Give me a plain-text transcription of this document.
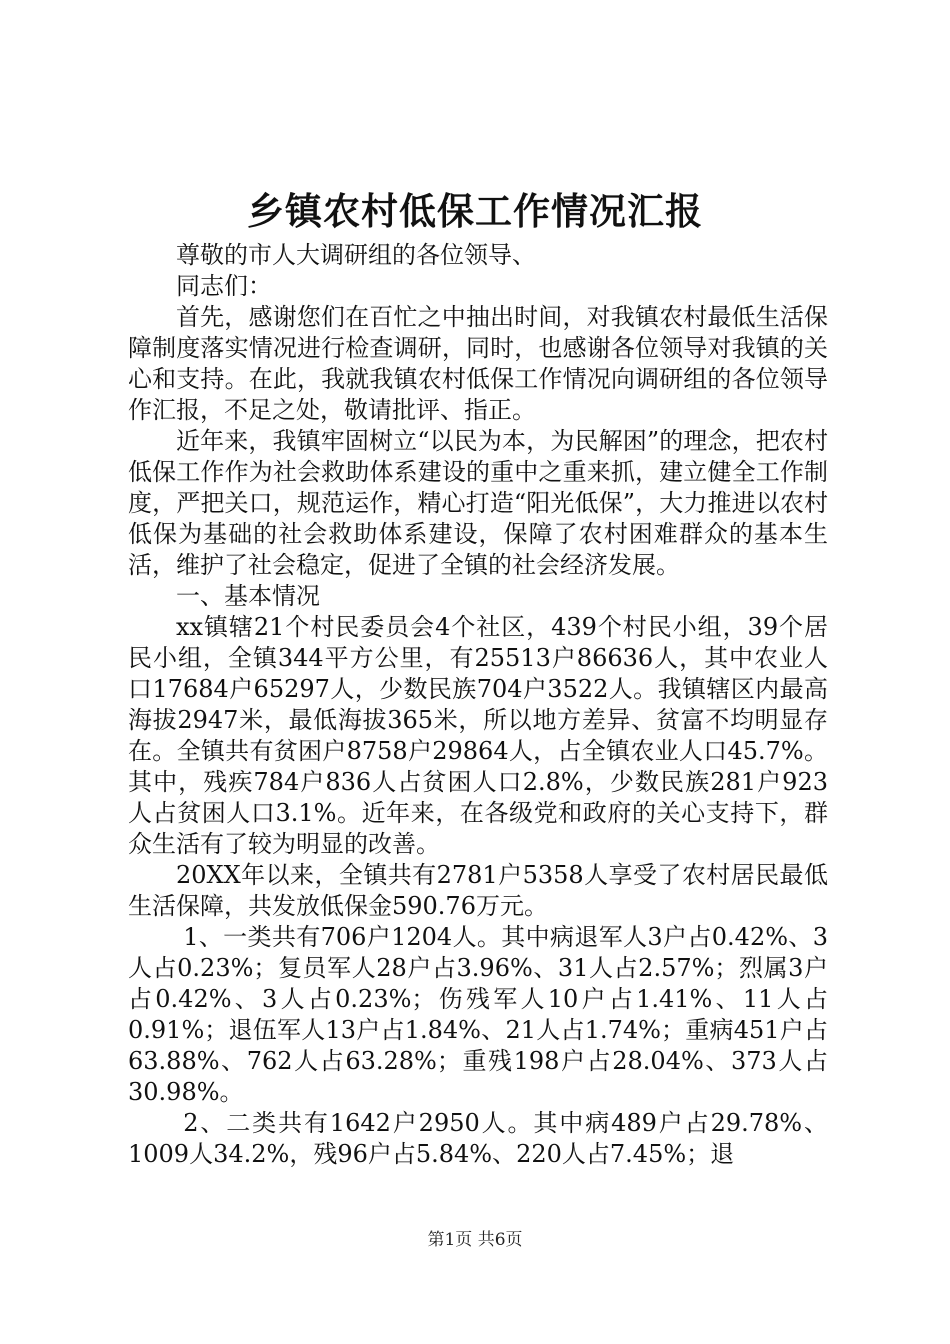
乡镇农村低保工作情况汇报

尊敬的市人大调研组的各位领导、

同志们：

首先，感谢您们在百忙之中抽出时间，对我镇农村最低生活保障制度落实情况进行检查调研，同时，也感谢各位领导对我镇的关心和支持。在此，我就我镇农村低保工作情况向调研组的各位领导作汇报，不足之处，敬请批评、指正。

近年来，我镇牢固树立“以民为本，为民解困”的理念，把农村低保工作作为社会救助体系建设的重中之重来抓，建立健全工作制度，严把关口，规范运作，精心打造“阳光低保”，大力推进以农村低保为基础的社会救助体系建设，保障了农村困难群众的基本生活，维护了社会稳定，促进了全镇的社会经济发展。

一、基本情况

xx镇辖21个村民委员会4个社区，439个村民小组，39个居民小组，全镇344平方公里，有25513户86636人，其中农业人口17684户65297人，少数民族704户3522人。我镇辖区内最高海拔2947米，最低海拔365米，所以地方差异、贫富不均明显存在。全镇共有贫困户8758户29864人，占全镇农业人口45.7%。其中，残疾784户836人占贫困人口2.8%，少数民族281户923人占贫困人口3.1%。近年来，在各级党和政府的关心支持下，群众生活有了较为明显的改善。

20XX年以来，全镇共有2781户5358人享受了农村居民最低生活保障，共发放低保金590.76万元。

1、一类共有706户1204人。其中病退军人3户占0.42%、3人占0.23%；复员军人28户占3.96%、31人占2.57%；烈属3户占0.42%、3人占0.23%；伤残军人10户占1.41%、11人占0.91%；退伍军人13户占1.84%、21人占1.74%；重病451户占63.88%、762人占63.28%；重残198户占28.04%、373人占30.98%。

2、二类共有1642户2950人。其中病489户占29.78%、1009人34.2%，残96户占5.84%、220人占7.45%；退

第1页 共6页
